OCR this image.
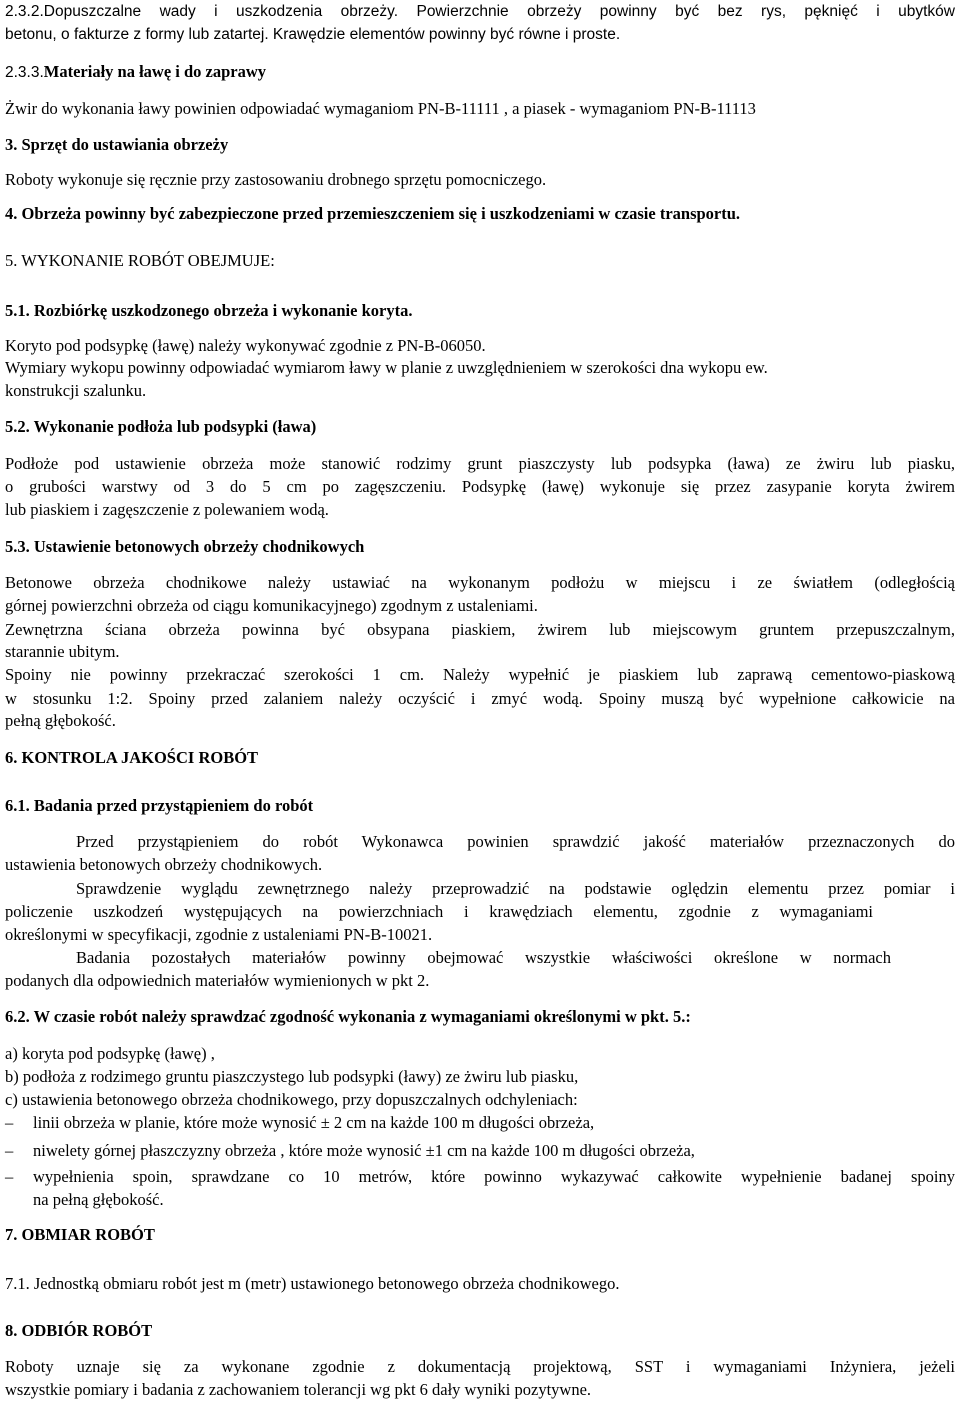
2.3.2.Dopuszczalne wady i uszkodzenia obrzeży. Powierzchnie obrzeży powinny być bez rys, pęknięć i ubytków
betonu, o fakturze z formy lub zatartej. Krawędzie elementów powinny być równe i proste.
2.3.3.Materiały na ławę i do zaprawy
Żwir do wykonania ławy powinien odpowiadać wymaganiom PN-B-11111 , a piasek - wymaganiom PN-B-11113
3. Sprzęt do ustawiania obrzeży
Roboty wykonuje się ręcznie przy zastosowaniu drobnego sprzętu pomocniczego.
4. Obrzeża powinny być zabezpieczone przed przemieszczeniem się i uszkodzeniami w czasie transportu.
5. WYKONANIE ROBÓT OBEJMUJE:
5.1. Rozbiórkę uszkodzonego obrzeża i wykonanie koryta.
Koryto pod podsypkę (ławę) należy wykonywać zgodnie z PN-B-06050.
Wymiary wykopu powinny odpowiadać wymiarom ławy w planie z uwzględnieniem w szerokości dna wykopu ew.
konstrukcji szalunku.
5.2. Wykonanie podłoża lub podsypki (ława)
Podłoże pod ustawienie obrzeża może stanowić rodzimy grunt piaszczysty lub podsypka (ława) ze żwiru lub piasku,
o grubości warstwy od 3 do 5 cm po zagęszczeniu. Podsypkę (ławę) wykonuje się przez zasypanie koryta żwirem
lub piaskiem i zagęszczenie z polewaniem wodą.
5.3. Ustawienie betonowych obrzeży chodnikowych
Betonowe obrzeża chodnikowe należy ustawiać na wykonanym podłożu w miejscu i ze światłem (odległością
górnej powierzchni obrzeża od ciągu komunikacyjnego) zgodnym z ustaleniami.
Zewnętrzna ściana obrzeża powinna być obsypana piaskiem, żwirem lub miejscowym gruntem przepuszczalnym,
starannie ubitym.
Spoiny nie powinny przekraczać szerokości 1 cm. Należy wypełnić je piaskiem lub zaprawą cementowo-piaskową
w stosunku 1:2. Spoiny przed zalaniem należy oczyścić i zmyć wodą. Spoiny muszą być wypełnione całkowicie na
pełną głębokość.
6. KONTROLA JAKOŚCI ROBÓT
6.1. Badania przed przystąpieniem do robót
Przed przystąpieniem do robót Wykonawca powinien sprawdzić jakość materiałów przeznaczonych do
ustawienia betonowych obrzeży chodnikowych.
Sprawdzenie wyglądu zewnętrznego należy przeprowadzić na podstawie oględzin elementu przez pomiar i
policzenie uszkodzeń występujących na powierzchniach i krawędziach elementu, zgodnie z wymaganiami
określonymi w specyfikacji, zgodnie z ustaleniami PN-B-10021.
Badania pozostałych materiałów powinny obejmować wszystkie właściwości określone w normach
podanych dla odpowiednich materiałów wymienionych w pkt 2.
6.2. W czasie robót należy sprawdzać zgodność wykonania z wymaganiami określonymi w pkt. 5.:
a) koryta pod podsypkę (ławę) ,
b) podłoża z rodzimego gruntu piaszczystego lub podsypki (ławy) ze żwiru lub piasku,
c) ustawienia betonowego obrzeża chodnikowego, przy dopuszczalnych odchyleniach:
– linii obrzeża w planie, które może wynosić ± 2 cm na każde 100 m długości obrzeża,
– niwelety górnej płaszczyzny obrzeża , które może wynosić ±1 cm na każde 100 m długości obrzeża,
– wypełnienia spoin, sprawdzane co 10 metrów, które powinno wykazywać całkowite wypełnienie badanej spoiny
na pełną głębokość.
7. OBMIAR ROBÓT
7.1. Jednostką obmiaru robót jest m (metr) ustawionego betonowego obrzeża chodnikowego.
8. ODBIÓR ROBÓT
Roboty uznaje się za wykonane zgodnie z dokumentacją projektową, SST i wymaganiami Inżyniera, jeżeli
wszystkie pomiary i badania z zachowaniem tolerancji wg pkt 6 dały wyniki pozytywne.
